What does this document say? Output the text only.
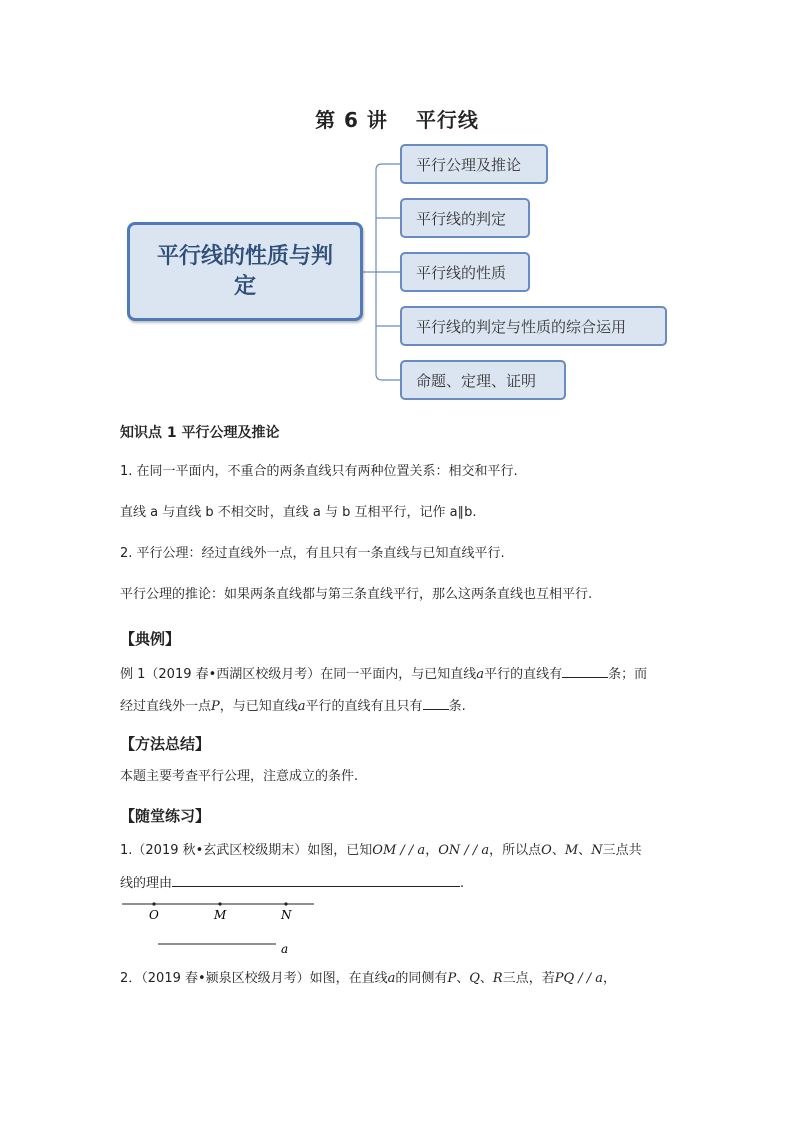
第 6 讲 平行线
平行线的性质与判定
平行公理及推论
平行线的判定
平行线的性质
平行线的判定与性质的综合运用
命题、定理、证明
知识点 1 平行公理及推论
1. 在同一平面内，不重合的两条直线只有两种位置关系：相交和平行.
直线 a 与直线 b 不相交时，直线 a 与 b 互相平行，记作 a∥b.
2. 平行公理：经过直线外一点，有且只有一条直线与已知直线平行.
平行公理的推论：如果两条直线都与第三条直线平行，那么这两条直线也互相平行.
【典例】
例 1（2019 春•西湖区校级月考）在同一平面内，与已知直线a平行的直线有	条；而
经过直线外一点P，与已知直线a平行的直线有且只有 条.
【方法总结】
本题主要考查平行公理，注意成立的条件.
【随堂练习】
1.（2019 秋•玄武区校级期末）如图，已知OM / / a，ON / / a，所以点O、M、N三点共
线的理由	.
O	M	N
a
2．（2019 春•颍泉区校级月考）如图，在直线a的同侧有P、Q、R三点，若PQ / / a，
